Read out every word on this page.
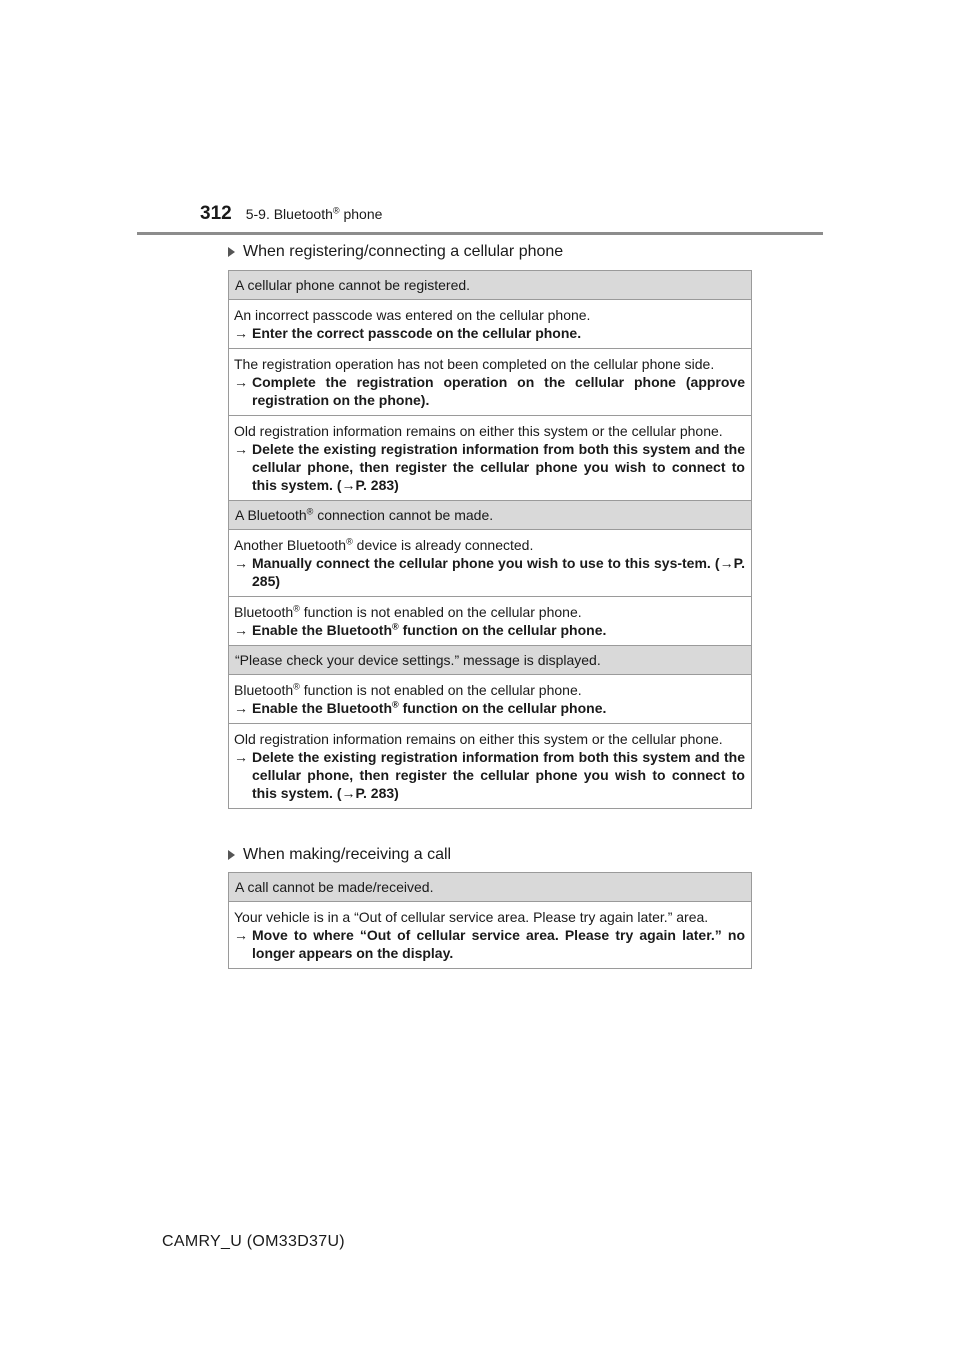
312 5-9. Bluetooth® phone
When registering/connecting a cellular phone
A cellular phone cannot be registered.
An incorrect passcode was entered on the cellular phone.
→ Enter the correct passcode on the cellular phone.
The registration operation has not been completed on the cellular phone side.
→ Complete the registration operation on the cellular phone (approve registration on the phone).
Old registration information remains on either this system or the cellular phone.
→ Delete the existing registration information from both this system and the cellular phone, then register the cellular phone you wish to connect to this system. (→P. 283)
A Bluetooth® connection cannot be made.
Another Bluetooth® device is already connected.
→ Manually connect the cellular phone you wish to use to this sys-tem. (→P. 285)
Bluetooth® function is not enabled on the cellular phone.
→ Enable the Bluetooth® function on the cellular phone.
“Please check your device settings.” message is displayed.
Bluetooth® function is not enabled on the cellular phone.
→ Enable the Bluetooth® function on the cellular phone.
Old registration information remains on either this system or the cellular phone.
→ Delete the existing registration information from both this system and the cellular phone, then register the cellular phone you wish to connect to this system. (→P. 283)
When making/receiving a call
A call cannot be made/received.
Your vehicle is in a “Out of cellular service area. Please try again later.” area.
→ Move to where “Out of cellular service area. Please try again later.” no longer appears on the display.
CAMRY_U (OM33D37U)
